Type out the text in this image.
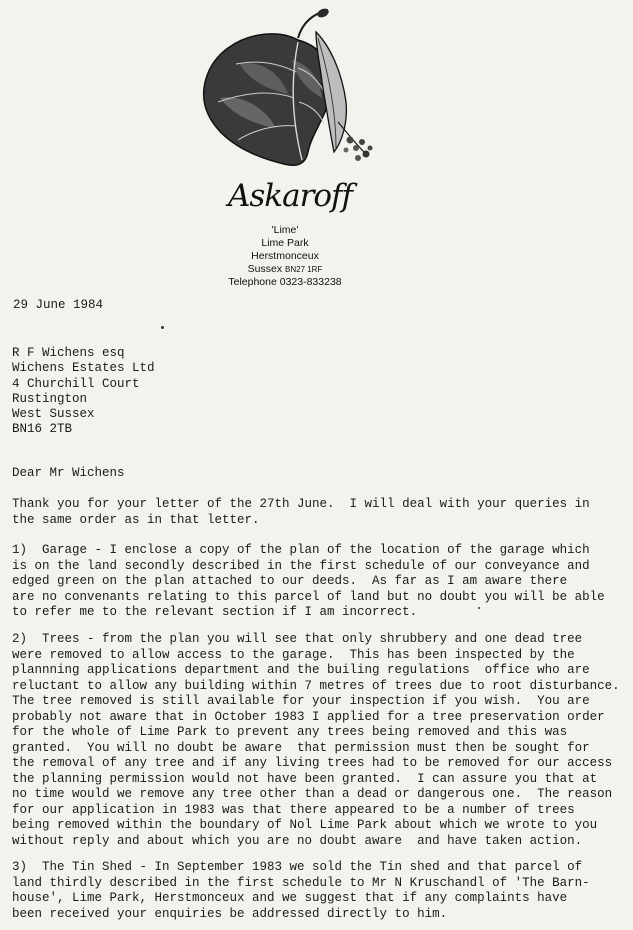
Askaroff
'Lime'
Lime Park
Herstmonceux
Sussex BN27 1RF
Telephone 0323-833238
29 June 1984
R F Wichens esq
Wichens Estates Ltd
4 Churchill Court
Rustington
West Sussex
BN16 2TB
Dear Mr Wichens
Thank you for your letter of the 27th June.  I will deal with your queries in
the same order as in that letter.
1)  Garage - I enclose a copy of the plan of the location of the garage which
is on the land secondly described in the first schedule of our conveyance and
edged green on the plan attached to our deeds.  As far as I am aware there
are no convenants relating to this parcel of land but no doubt you will be able
to refer me to the relevant section if I am incorrect.
2)  Trees - from the plan you will see that only shrubbery and one dead tree
were removed to allow access to the garage.  This has been inspected by the
plannning applications department and the builing regulations  office who are
reluctant to allow any building within 7 metres of trees due to root disturbance.
The tree removed is still available for your inspection if you wish.  You are
probably not aware that in October 1983 I applied for a tree preservation order
for the whole of Lime Park to prevent any trees being removed and this was
granted.  You will no doubt be aware  that permission must then be sought for
the removal of any tree and if any living trees had to be removed for our access
the planning permission would not have been granted.  I can assure you that at
no time would we remove any tree other than a dead or dangerous one.  The reason
for our application in 1983 was that there appeared to be a number of trees
being removed within the boundary of Nol Lime Park about which we wrote to you
without reply and about which you are no doubt aware  and have taken action.
3)  The Tin Shed - In September 1983 we sold the Tin shed and that parcel of
land thirdly described in the first schedule to Mr N Kruschandl of 'The Barn-
house', Lime Park, Herstmonceux and we suggest that if any complaints have
been received your enquiries be addressed directly to him.
